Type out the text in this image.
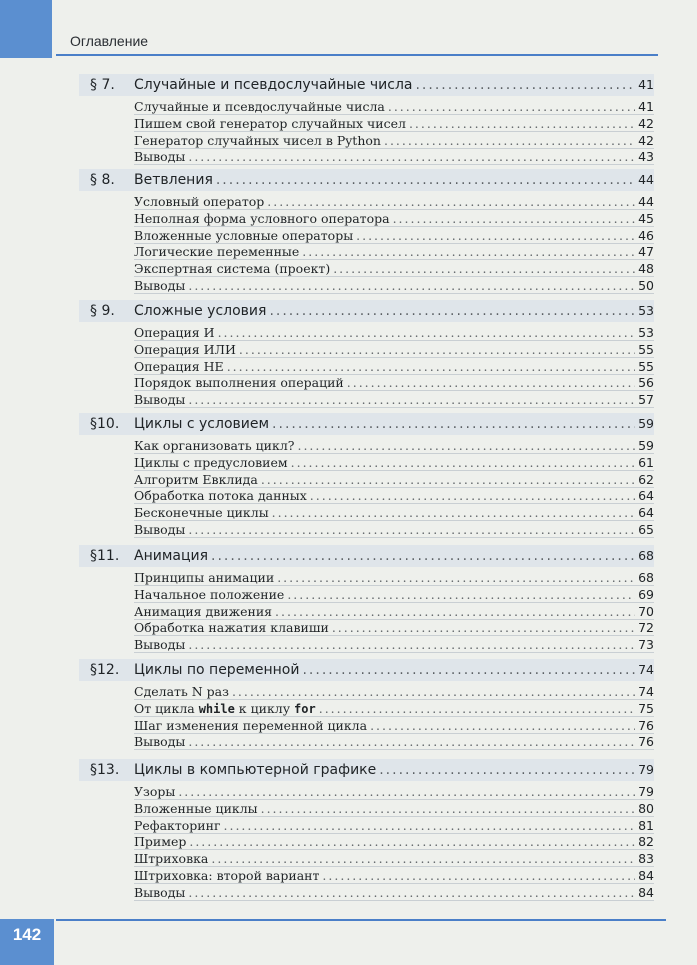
Оглавление
§ 7.	Случайные и псевдослучайные числа .....	41
Случайные и псевдослучайные числа .....	41
Пишем свой генератор случайных чисел .....	42
Генератор случайных чисел в Python .....	42
Выводы .....	43
§ 8.	Ветвления .....	44
Условный оператор .....	44
Неполная форма условного оператора .....	45
Вложенные условные операторы .....	46
Логические переменные .....	47
Экспертная система (проект) .....	48
Выводы .....	50
§ 9.	Сложные условия .....	53
Операция И .....	53
Операция ИЛИ .....	55
Операция НЕ .....	55
Порядок выполнения операций .....	56
Выводы .....	57
§10.	Циклы с условием .....	59
Как организовать цикл? .....	59
Циклы с предусловием .....	61
Алгоритм Евклида .....	62
Обработка потока данных .....	64
Бесконечные циклы .....	64
Выводы .....	65
§11.	Анимация .....	68
Принципы анимации .....	68
Начальное положение .....	69
Анимация движения .....	70
Обработка нажатия клавиши .....	72
Выводы .....	73
§12.	Циклы по переменной .....	74
Сделать N раз .....	74
От цикла while к циклу for .....	75
Шаг изменения переменной цикла .....	76
Выводы .....	76
§13.	Циклы в компьютерной графике .....	79
Узоры .....	79
Вложенные циклы .....	80
Рефакторинг .....	81
Пример .....	82
Штриховка .....	83
Штриховка: второй вариант .....	84
Выводы .....	84
142
